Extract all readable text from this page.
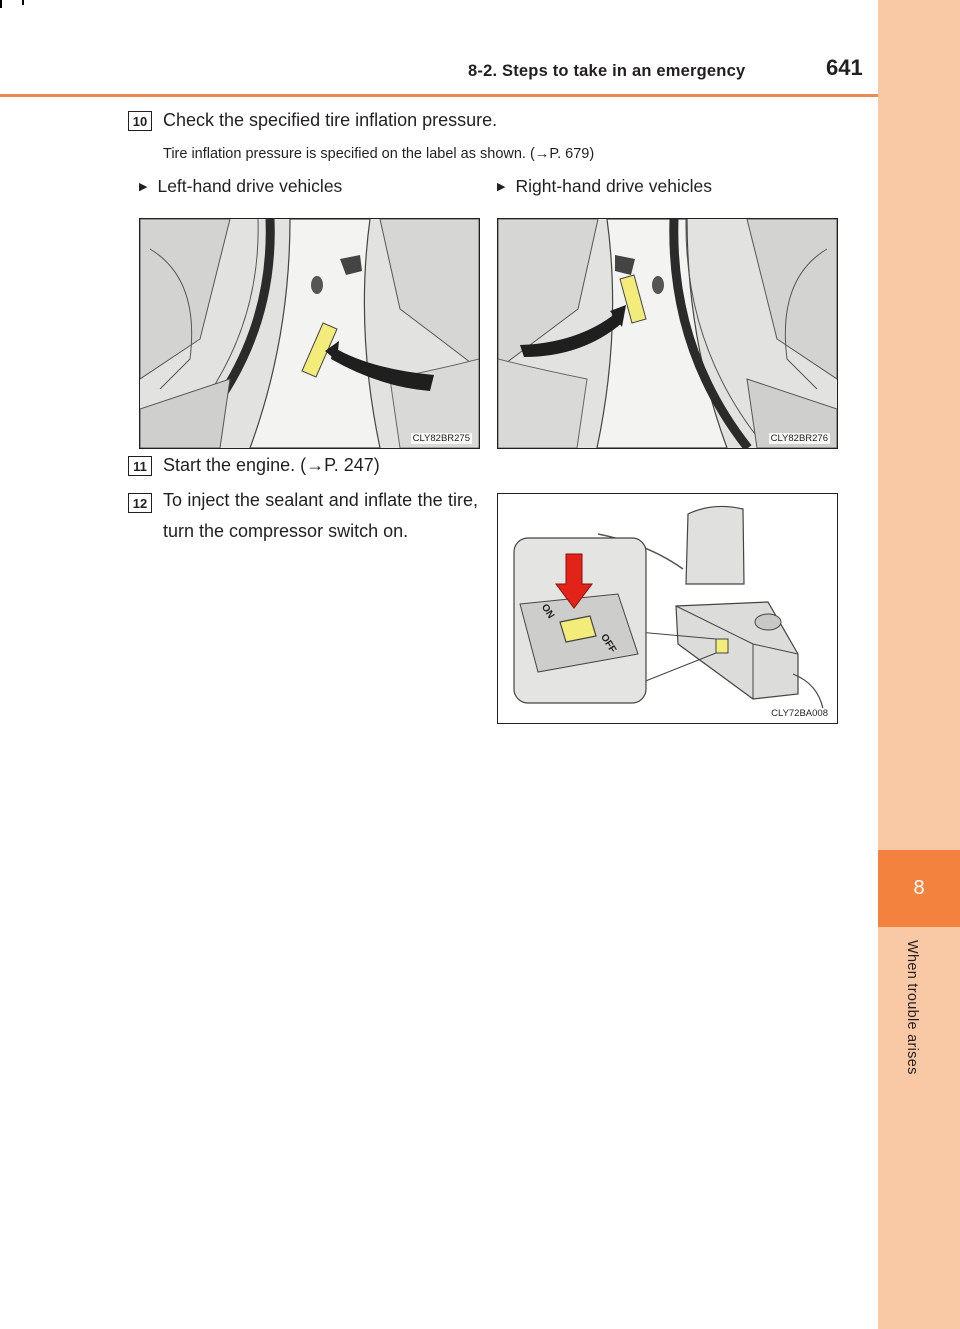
8
When trouble arises
8-2. Steps to take in an emergency	641
10 Check the specified tire inflation pressure.
Tire inflation pressure is specified on the label as shown. (→P. 679)
▶ Left-hand drive vehicles	▶ Right-hand drive vehicles
CLY82BR275	CLY82BR276
11 Start the engine. (→P. 247)
12 To inject the sealant and inflate the tire, turn the compressor switch on.
ON
OFF
CLY72BA008
